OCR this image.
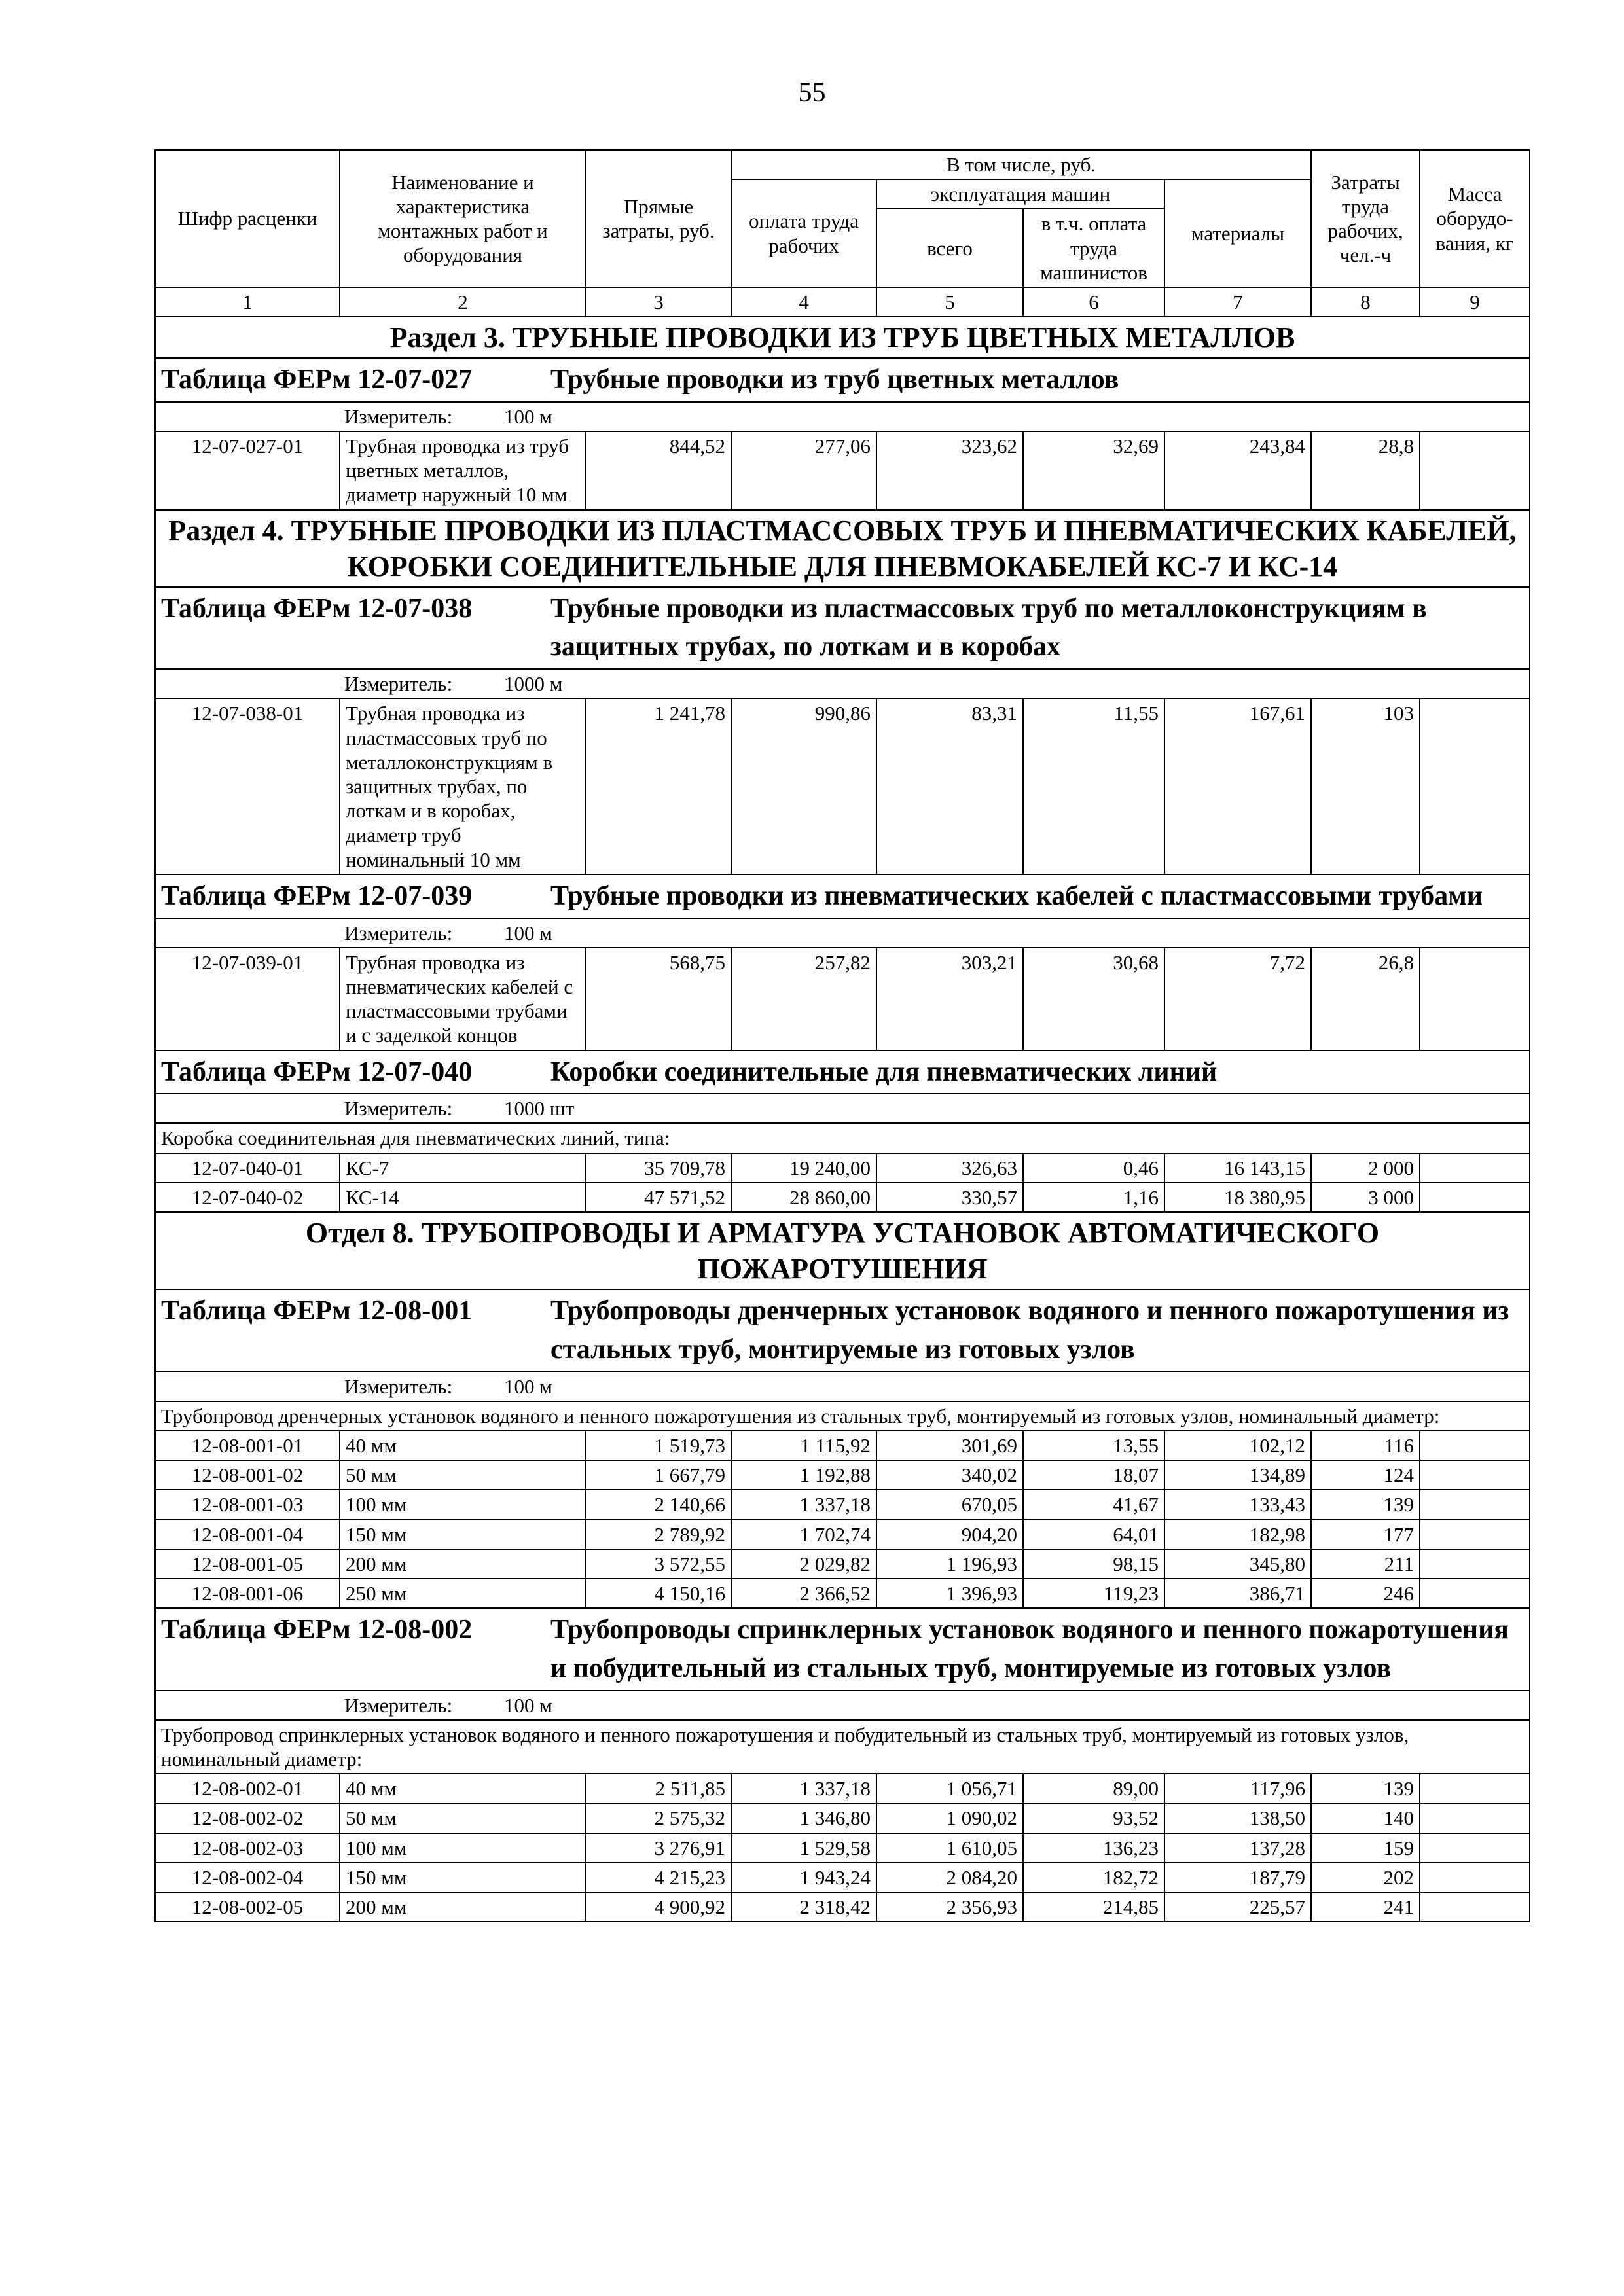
55
Шифр расценки	Наименование и характеристика монтажных работ и оборудования	Прямые затраты, руб.	В том числе, руб.				Затраты труда рабочих, чел.-ч	Масса оборудо-вания, кг
			оплата труда рабочих	эксплуатация машин		материалы		
				всего	в т.ч. оплата труда машинистов			
1	2	3	4	5	6	7	8	9
Раздел 3. ТРУБНЫЕ ПРОВОДКИ ИЗ ТРУБ ЦВЕТНЫХ МЕТАЛЛОВ								

Таблица ФЕРм 12-07-027 Трубные проводки из труб цветных металлов								

Измеритель: 100 м								

12-07-027-01	Трубная проводка из труб цветных металлов, диаметр наружный 10 мм	844,52	277,06	323,62	32,69	243,84	28,8	
Раздел 4. ТРУБНЫЕ ПРОВОДКИ ИЗ ПЛАСТМАССОВЫХ ТРУБ И ПНЕВМАТИЧЕСКИХ КАБЕЛЕЙ, КОРОБКИ СОЕДИНИТЕЛЬНЫЕ ДЛЯ ПНЕВМОКАБЕЛЕЙ КС-7 И КС-14								

Таблица ФЕРм 12-07-038 Трубные проводки из пластмассовых труб по металлоконструкциям в защитных трубах, по лоткам и в коробах								

Измеритель: 1000 м								

12-07-038-01	Трубная проводка из пластмассовых труб по металлоконструкциям в защитных трубах, по лоткам и в коробах, диаметр труб номинальный 10 мм	1 241,78	990,86	83,31	11,55	167,61	103	

Таблица ФЕРм 12-07-039 Трубные проводки из пневматических кабелей с пластмассовыми трубами								

Измеритель: 100 м								

12-07-039-01	Трубная проводка из пневматических кабелей с пластмассовыми трубами и с заделкой концов	568,75	257,82	303,21	30,68	7,72	26,8	

Таблица ФЕРм 12-07-040 Коробки соединительные для пневматических линий								

Измеритель: 1000 шт								

Коробка соединительная для пневматических линий, типа:								
12-07-040-01	КС-7	35 709,78	19 240,00	326,63	0,46	16 143,15	2 000	
12-07-040-02	КС-14	47 571,52	28 860,00	330,57	1,16	18 380,95	3 000	
Отдел 8. ТРУБОПРОВОДЫ И АРМАТУРА УСТАНОВОК АВТОМАТИЧЕСКОГО ПОЖАРОТУШЕНИЯ								

Таблица ФЕРм 12-08-001 Трубопроводы дренчерных установок водяного и пенного пожаротушения из стальных труб, монтируемые из готовых узлов								

Измеритель: 100 м								

Трубопровод дренчерных установок водяного и пенного пожаротушения из стальных труб, монтируемый из готовых узлов, номинальный диаметр:								
12-08-001-01	40 мм	1 519,73	1 115,92	301,69	13,55	102,12	116	
12-08-001-02	50 мм	1 667,79	1 192,88	340,02	18,07	134,89	124	
12-08-001-03	100 мм	2 140,66	1 337,18	670,05	41,67	133,43	139	
12-08-001-04	150 мм	2 789,92	1 702,74	904,20	64,01	182,98	177	
12-08-001-05	200 мм	3 572,55	2 029,82	1 196,93	98,15	345,80	211	
12-08-001-06	250 мм	4 150,16	2 366,52	1 396,93	119,23	386,71	246	

Таблица ФЕРм 12-08-002 Трубопроводы спринклерных установок водяного и пенного пожаротушения и побудительный из стальных труб, монтируемые из готовых узлов								

Измеритель: 100 м								

Трубопровод спринклерных установок водяного и пенного пожаротушения и побудительный из стальных труб, монтируемый из готовых узлов, номинальный диаметр:								
12-08-002-01	40 мм	2 511,85	1 337,18	1 056,71	89,00	117,96	139	
12-08-002-02	50 мм	2 575,32	1 346,80	1 090,02	93,52	138,50	140	
12-08-002-03	100 мм	3 276,91	1 529,58	1 610,05	136,23	137,28	159	
12-08-002-04	150 мм	4 215,23	1 943,24	2 084,20	182,72	187,79	202	
12-08-002-05	200 мм	4 900,92	2 318,42	2 356,93	214,85	225,57	241	
